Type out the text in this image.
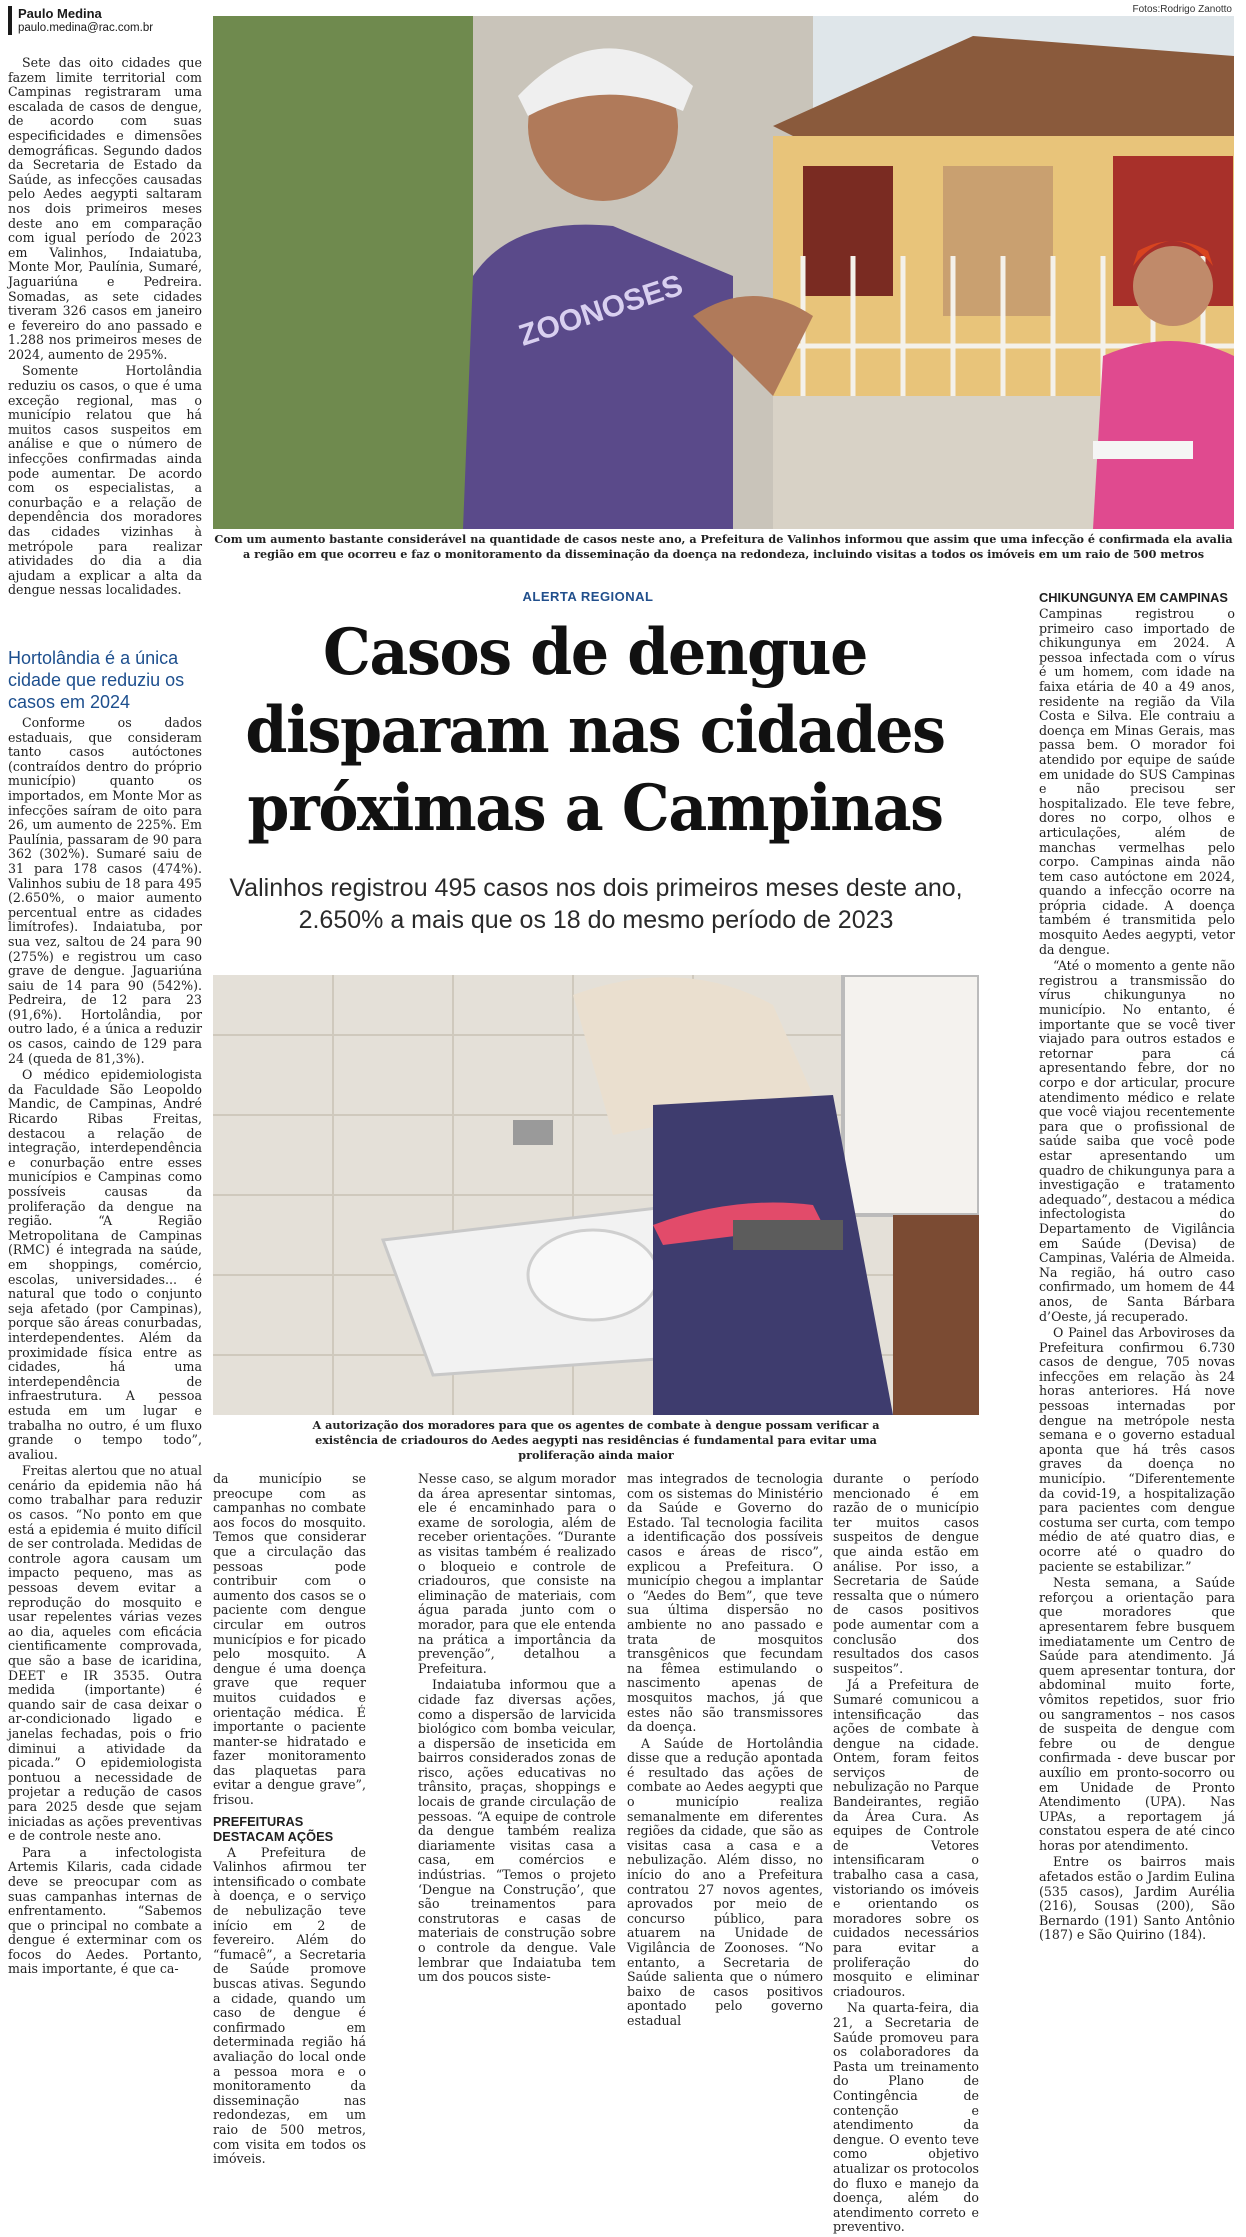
Paulo Medina
paulo.medina@rac.com.br
Fotos:Rodrigo Zanotto

Sete das oito cidades que fazem limite territorial com Campinas registraram uma escalada de casos de dengue, de acordo com suas especificidades e dimensões demográficas. Segundo dados da Secretaria de Estado da Saúde, as infecções causadas pelo Aedes aegypti saltaram nos dois primeiros meses deste ano em comparação com igual período de 2023 em Valinhos, Indaiatuba, Monte Mor, Paulínia, Sumaré, Jaguariúna e Pedreira. Somadas, as sete cidades tiveram 326 casos em janeiro e fevereiro do ano passado e 1.288 nos primeiros meses de 2024, aumento de 295%.

Somente Hortolândia reduziu os casos, o que é uma exceção regional, mas o município relatou que há muitos casos suspeitos em análise e que o número de infecções confirmadas ainda pode aumentar. De acordo com os especialistas, a conurbação e a relação de dependência dos moradores das cidades vizinhas à metrópole para realizar atividades do dia a dia ajudam a explicar a alta da dengue nessas localidades.

Hortolândia é a única cidade que reduziu os casos em 2024

Conforme os dados estaduais, que consideram tanto casos autóctones (contraídos dentro do próprio município) quanto os importados, em Monte Mor as infecções saíram de oito para 26, um aumento de 225%. Em Paulínia, passaram de 90 para 362 (302%). Sumaré saiu de 31 para 178 casos (474%). Valinhos subiu de 18 para 495 (2.650%, o maior aumento percentual entre as cidades limítrofes). Indaiatuba, por sua vez, saltou de 24 para 90 (275%) e registrou um caso grave de dengue. Jaguariúna saiu de 14 para 90 (542%). Pedreira, de 12 para 23 (91,6%). Hortolândia, por outro lado, é a única a reduzir os casos, caindo de 129 para 24 (queda de 81,3%).

O médico epidemiologista da Faculdade São Leopoldo Mandic, de Campinas, André Ricardo Ribas Freitas, destacou a relação de integração, interdependência e conurbação entre esses municípios e Campinas como possíveis causas da proliferação da dengue na região. “A Região Metropolitana de Campinas (RMC) é integrada na saúde, em shoppings, comércio, escolas, universidades... é natural que todo o conjunto seja afetado (por Campinas), porque são áreas conurbadas, interdependentes. Além da proximidade física entre as cidades, há uma interdependência de infraestrutura. A pessoa estuda em um lugar e trabalha no outro, é um fluxo grande o tempo todo”, avaliou.

Freitas alertou que no atual cenário da epidemia não há como trabalhar para reduzir os casos. “No ponto em que está a epidemia é muito difícil de ser controlada. Medidas de controle agora causam um impacto pequeno, mas as pessoas devem evitar a reprodução do mosquito e usar repelentes várias vezes ao dia, aqueles com eficácia cientificamente comprovada, que são a base de icaridina, DEET e IR 3535. Outra medida (importante) é quando sair de casa deixar o ar-condicionado ligado e janelas fechadas, pois o frio diminui a atividade da picada.” O epidemiologista pontuou a necessidade de projetar a redução de casos para 2025 desde que sejam iniciadas as ações preventivas e de controle neste ano.

Para a infectologista Artemis Kilaris, cada cidade deve se preocupar com as suas campanhas internas de enfrentamento. “Sabemos que o principal no combate a dengue é exterminar com os focos do Aedes. Portanto, mais importante, é que ca-

ZOONOSES
Com um aumento bastante considerável na quantidade de casos neste ano, a Prefeitura de Valinhos informou que assim que uma infecção é confirmada ela avalia a região em que ocorreu e faz o monitoramento da disseminação da doença na redondeza, incluindo visitas a todos os imóveis em um raio de 500 metros
ALERTA REGIONAL
Casos de dengue disparam nas cidades próximas a Campinas
Valinhos registrou 495 casos nos dois primeiros meses deste ano, 2.650% a mais que os 18 do mesmo período de 2023
A autorização dos moradores para que os agentes de combate à dengue possam verificar a existência de criadouros do Aedes aegypti nas residências é fundamental para evitar uma proliferação ainda maior

da município se preocupe com as campanhas no combate aos focos do mosquito. Temos que considerar que a circulação das pessoas pode contribuir com o aumento dos casos se o paciente com dengue circular em outros municípios e for picado pelo mosquito. A dengue é uma doença grave que requer muitos cuidados e orientação médica. É importante o paciente manter-se hidratado e fazer monitoramento das plaquetas para evitar a dengue grave”, frisou.

PREFEITURAS DESTACAM AÇÕES

A Prefeitura de Valinhos afirmou ter intensificado o combate à doença, e o serviço de nebulização teve início em 2 de fevereiro. Além do “fumacê”, a Secretaria de Saúde promove buscas ativas. Segundo a cidade, quando um caso de dengue é confirmado em determinada região há avaliação do local onde a pessoa mora e o monitoramento da disseminação nas redondezas, em um raio de 500 metros, com visita em todos os imóveis.

Nesse caso, se algum morador da área apresentar sintomas, ele é encaminhado para o exame de sorologia, além de receber orientações. “Durante as visitas também é realizado o bloqueio e controle de criadouros, que consiste na eliminação de materiais, com água parada junto com o morador, para que ele entenda na prática a importância da prevenção”, detalhou a Prefeitura.

Indaiatuba informou que a cidade faz diversas ações, como a dispersão de larvicida biológico com bomba veicular, a dispersão de inseticida em bairros considerados zonas de risco, ações educativas no trânsito, praças, shoppings e locais de grande circulação de pessoas. “A equipe de controle da dengue também realiza diariamente visitas casa a casa, em comércios e indústrias. “Temos o projeto ‘Dengue na Construção’, que são treinamentos para construtoras e casas de materiais de construção sobre o controle da dengue. Vale lembrar que Indaiatuba tem um dos poucos siste-

mas integrados de tecnologia com os sistemas do Ministério da Saúde e Governo do Estado. Tal tecnologia facilita a identificação dos possíveis casos e áreas de risco”, explicou a Prefeitura. O município chegou a implantar o “Aedes do Bem”, que teve sua última dispersão no ambiente no ano passado e trata de mosquitos transgênicos que fecundam na fêmea estimulando o nascimento apenas de mosquitos machos, já que estes não são transmissores da doença.

A Saúde de Hortolândia disse que a redução apontada é resultado das ações de combate ao Aedes aegypti que o município realiza semanalmente em diferentes regiões da cidade, que são as visitas casa a casa e a nebulização. Além disso, no início do ano a Prefeitura contratou 27 novos agentes, aprovados por meio de concurso público, para atuarem na Unidade de Vigilância de Zoonoses. “No entanto, a Secretaria de Saúde salienta que o número baixo de casos positivos apontado pelo governo estadual

durante o período mencionado é em razão de o município ter muitos casos suspeitos de dengue que ainda estão em análise. Por isso, a Secretaria de Saúde ressalta que o número de casos positivos pode aumentar com a conclusão dos resultados dos casos suspeitos”.

Já a Prefeitura de Sumaré comunicou a intensificação das ações de combate à dengue na cidade. Ontem, foram feitos serviços de nebulização no Parque Bandeirantes, região da Área Cura. As equipes de Controle de Vetores intensificaram o trabalho casa a casa, vistoriando os imóveis e orientando os moradores sobre os cuidados necessários para evitar a proliferação do mosquito e eliminar criadouros.

Na quarta-feira, dia 21, a Secretaria de Saúde promoveu para os colaboradores da Pasta um treinamento do Plano de Contingência de contenção e atendimento da dengue. O evento teve como objetivo atualizar os protocolos do fluxo e manejo da doença, além do atendimento correto e preventivo.

CHIKUNGUNYA EM CAMPINAS

Campinas registrou o primeiro caso importado de chikungunya em 2024. A pessoa infectada com o vírus é um homem, com idade na faixa etária de 40 a 49 anos, residente na região da Vila Costa e Silva. Ele contraiu a doença em Minas Gerais, mas passa bem. O morador foi atendido por equipe de saúde em unidade do SUS Campinas e não precisou ser hospitalizado. Ele teve febre, dores no corpo, olhos e articulações, além de manchas vermelhas pelo corpo. Campinas ainda não tem caso autóctone em 2024, quando a infecção ocorre na própria cidade. A doença também é transmitida pelo mosquito Aedes aegypti, vetor da dengue.

“Até o momento a gente não registrou a transmissão do vírus chikungunya no município. No entanto, é importante que se você tiver viajado para outros estados e retornar para cá apresentando febre, dor no corpo e dor articular, procure atendimento médico e relate que você viajou recentemente para que o profissional de saúde saiba que você pode estar apresentando um quadro de chikungunya para a investigação e tratamento adequado”, destacou a médica infectologista do Departamento de Vigilância em Saúde (Devisa) de Campinas, Valéria de Almeida. Na região, há outro caso confirmado, um homem de 44 anos, de Santa Bárbara d’Oeste, já recuperado.

O Painel das Arboviroses da Prefeitura confirmou 6.730 casos de dengue, 705 novas infecções em relação às 24 horas anteriores. Há nove pessoas internadas por dengue na metrópole nesta semana e o governo estadual aponta que há três casos graves da doença no município. “Diferentemente da covid-19, a hospitalização para pacientes com dengue costuma ser curta, com tempo médio de até quatro dias, e ocorre até o quadro do paciente se estabilizar.”

Nesta semana, a Saúde reforçou a orientação para que moradores que apresentarem febre busquem imediatamente um Centro de Saúde para atendimento. Já quem apresentar tontura, dor abdominal muito forte, vômitos repetidos, suor frio ou sangramentos – nos casos de suspeita de dengue com febre ou de dengue confirmada - deve buscar por auxílio em pronto-socorro ou em Unidade de Pronto Atendimento (UPA). Nas UPAs, a reportagem já constatou espera de até cinco horas por atendimento.

Entre os bairros mais afetados estão o Jardim Eulina (535 casos), Jardim Aurélia (216), Sousas (200), São Bernardo (191) Santo Antônio (187) e São Quirino (184).
